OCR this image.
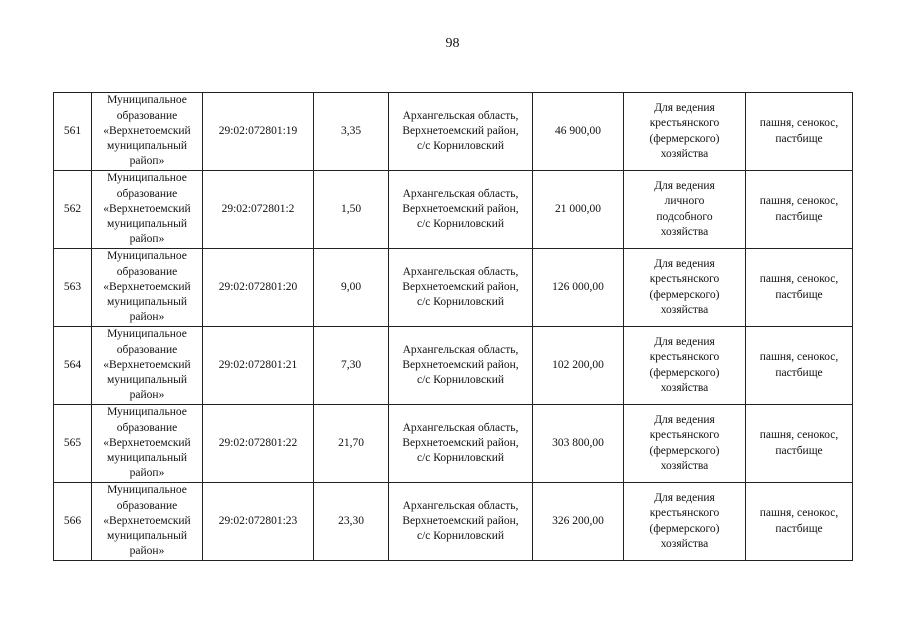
98
561	Муниципальное
образование
«Верхнетоемский
муниципальный
райоп»	29:02:072801:19	3,35	Архангельская область,
Верхнетоемский район,
с/с Корниловский	46 900,00	Для ведения
крестьянского
(фермерского)
хозяйства	пашня, сенокос,
пастбище
562	Муниципальное
образование
«Верхнетоемский
муниципальный
райоп»	29:02:072801:2	1,50	Архангельская область,
Верхнетоемский район,
с/с Корниловский	21 000,00	Для ведения
личного
подсобного
хозяйства	пашня, сенокос,
пастбище
563	Муниципальное
образование
«Верхнетоемский
муниципальный
район»	29:02:072801:20	9,00	Архангельская область,
Верхнетоемский район,
с/с Корниловский	126 000,00	Для ведения
крестьянского
(фермерского)
хозяйства	пашня, сенокос,
пастбище
564	Муниципальное
образование
«Верхнетоемский
муниципальный
район»	29:02:072801:21	7,30	Архангельская область,
Верхнетоемский район,
с/с Корниловский	102 200,00	Для ведения
крестьянского
(фермерского)
хозяйства	пашня, сенокос,
пастбище
565	Муниципальное
образование
«Верхнетоемский
муниципальный
райоп»	29:02:072801:22	21,70	Архангельская область,
Верхнетоемский район,
с/с Корниловский	303 800,00	Для ведения
крестьянского
(фермерского)
хозяйства	пашня, сенокос,
пастбище
566	Муниципальное
образование
«Верхнетоемский
муниципальный
район»	29:02:072801:23	23,30	Архангельская область,
Верхнетоемский район,
с/с Корниловский	326 200,00	Для ведения
крестьянского
(фермерского)
хозяйства	пашня, сенокос,
пастбище
